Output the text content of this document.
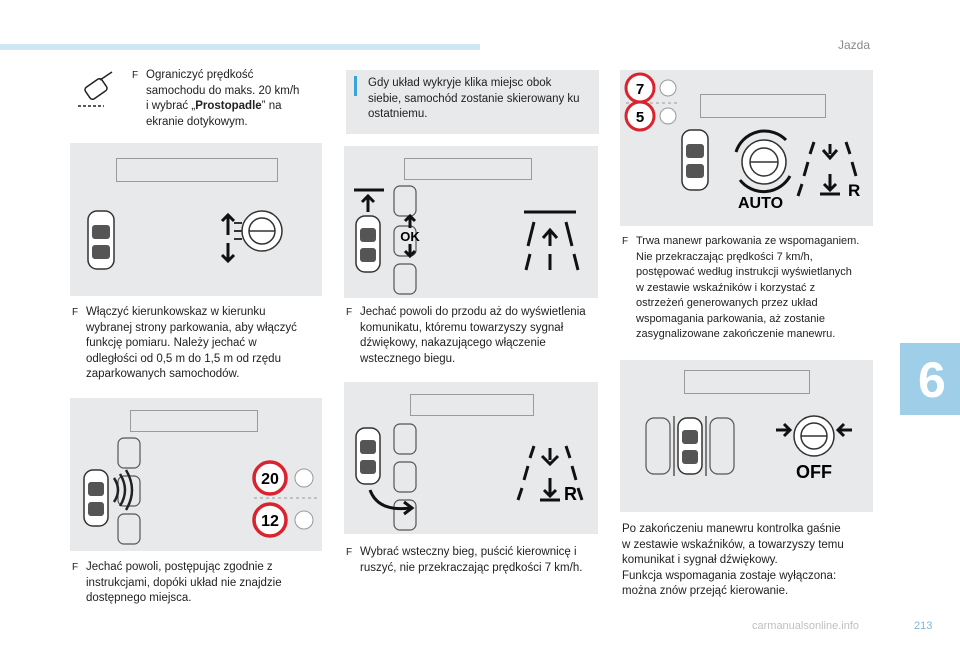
Jazda
F Ograniczyć prędkość
samochodu do maks. 20 km/h
i wybrać „Prostopadle” na
ekranie dotykowym.
F Włączyć kierunkowskaz w kierunku
wybranej strony parkowania, aby włączyć
funkcję pomiaru. Należy jechać w
odległości od 0,5 m do 1,5 m od rzędu
zaparkowanych samochodów.
20
12
F Jechać powoli, postępując zgodnie z
instrukcjami, dopóki układ nie znajdzie
dostępnego miejsca.
Gdy układ wykryje klika miejsc obok
siebie, samochód zostanie skierowany ku
ostatniemu.
OK
F Jechać powoli do przodu aż do wyświetlenia
komunikatu, któremu towarzyszy sygnał
dźwiękowy, nakazującego włączenie
wstecznego biegu.
R
F Wybrać wsteczny bieg, puścić kierownicę i
ruszyć, nie przekraczając prędkości 7 km/h.
7
5
AUTO
R
F Trwa manewr parkowania ze wspomaganiem.
Nie przekraczając prędkości 7 km/h,
postępować według instrukcji wyświetlanych
w zestawie wskaźników i korzystać z
ostrzeżeń generowanych przez układ
wspomagania parkowania, aż zostanie
zasygnalizowane zakończenie manewru.
OFF
Po zakończeniu manewru kontrolka gaśnie
w zestawie wskaźników, a towarzyszy temu
komunikat i sygnał dźwiękowy.
Funkcja wspomagania zostaje wyłączona:
można znów przejąć kierowanie.
6
carmanualsonline.info	213
